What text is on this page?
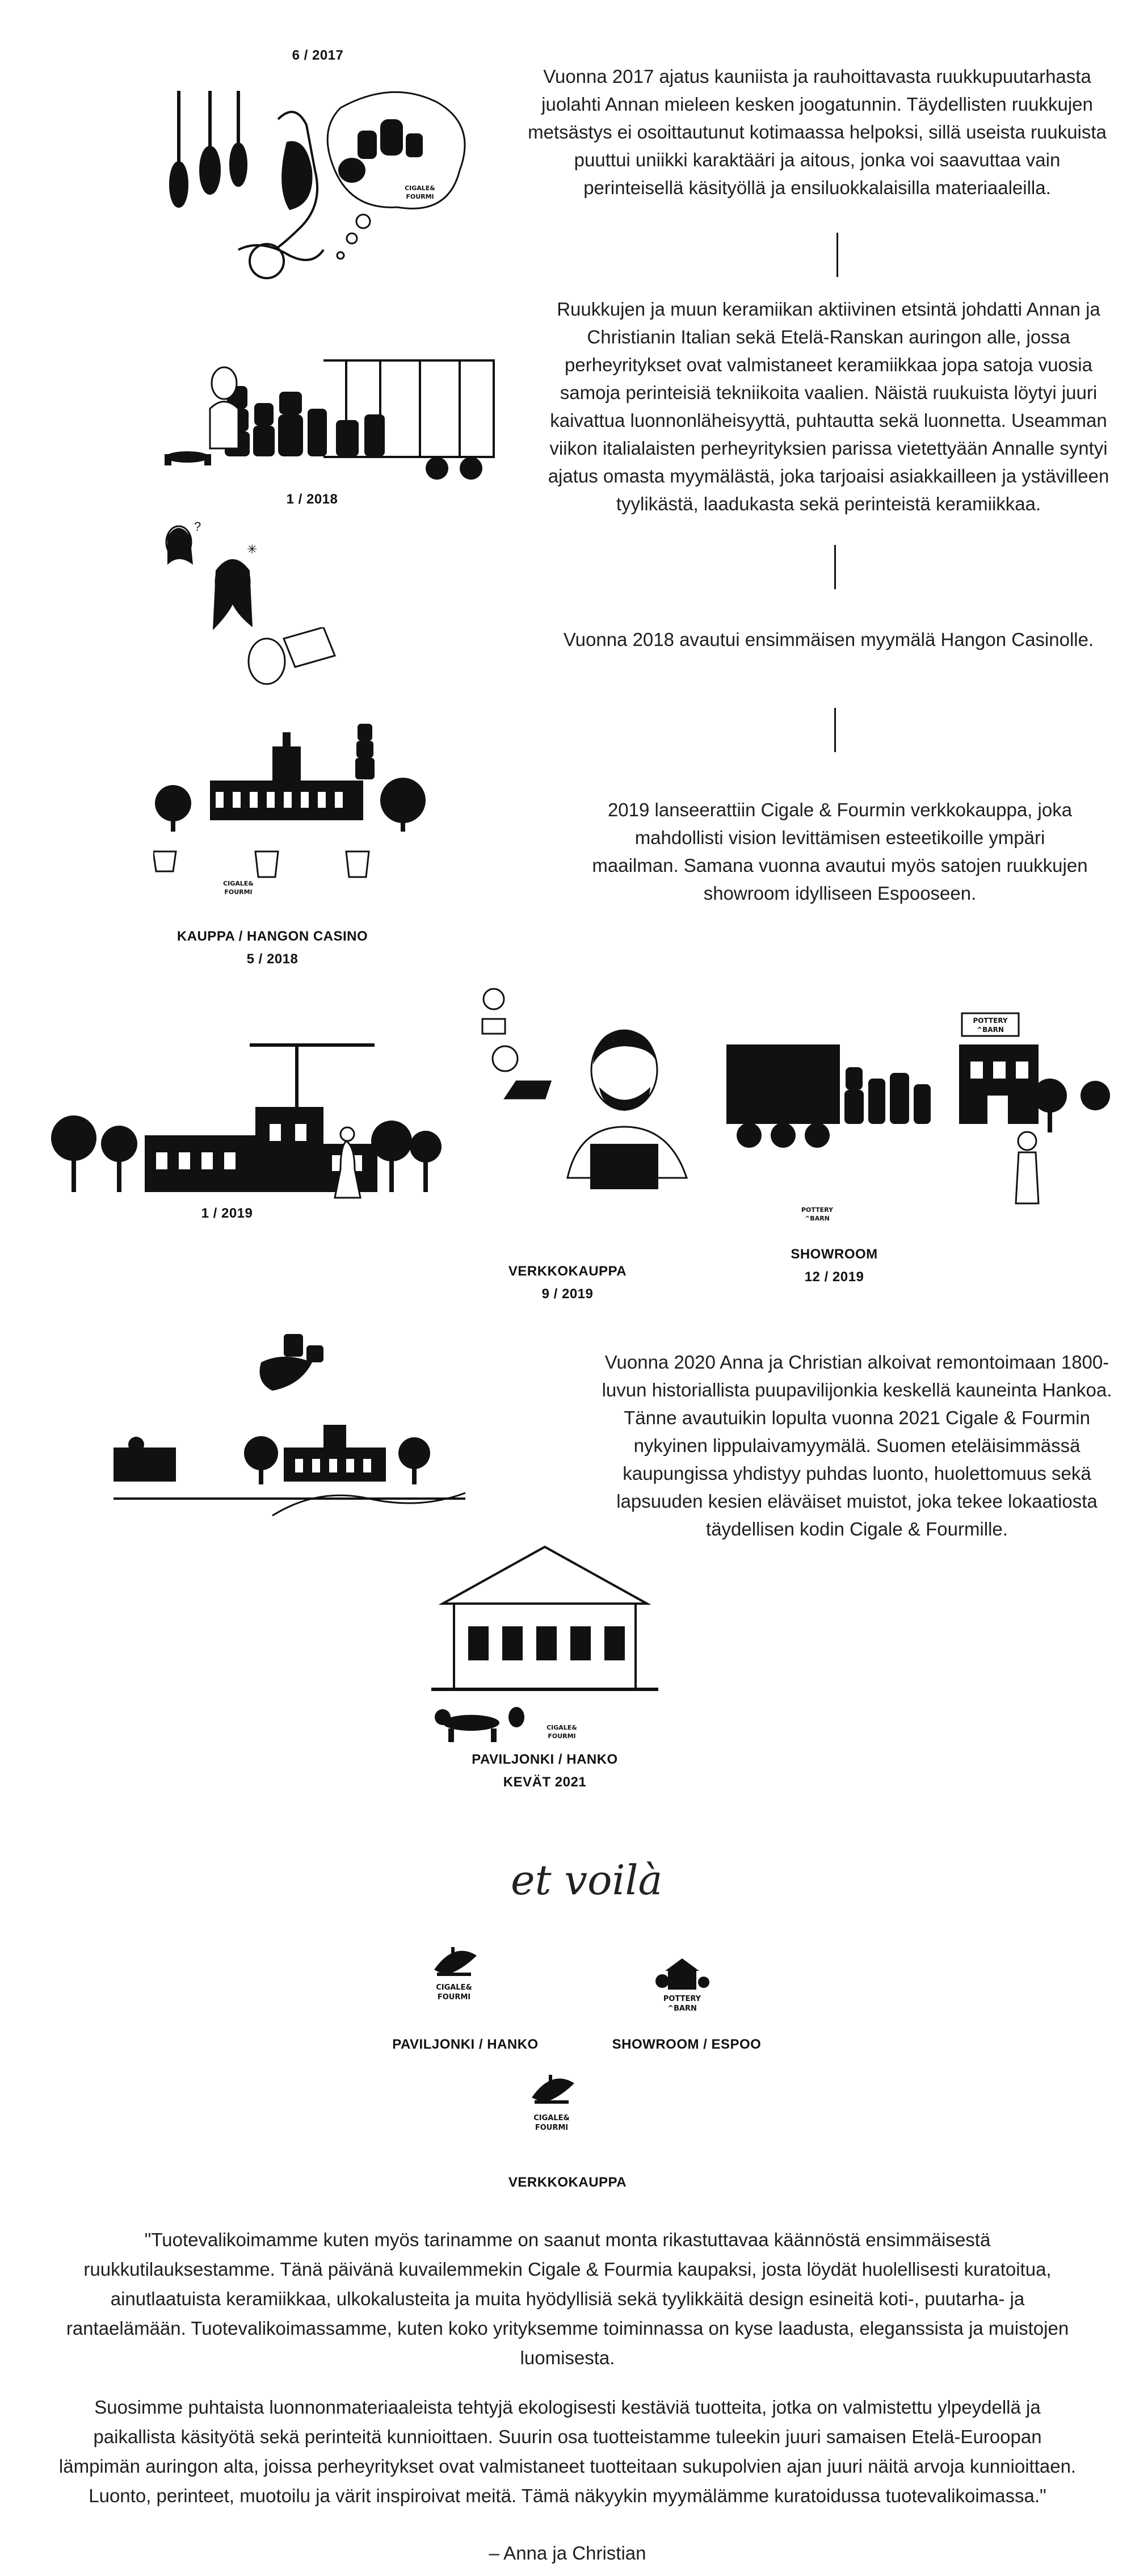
6 / 2017
CIGALE&
FOURMI
Vuonna 2017 ajatus kauniista ja rauhoittavasta ruukkupuutarhasta juolahti Annan mieleen kesken joogatunnin. Täydellisten ruukkujen metsästys ei osoittautunut kotimaassa helpoksi, sillä useista ruukuista puuttui uniikki karaktääri ja aitous, jonka voi saavuttaa vain perinteisellä käsityöllä ja ensiluokkalaisilla materiaaleilla.
1 / 2018
Ruukkujen ja muun keramiikan aktiivinen etsintä johdatti Annan ja Christianin Italian sekä Etelä-Ranskan auringon alle, jossa perheyritykset ovat valmistaneet keramiikkaa jopa satoja vuosia samoja perinteisiä tekniikoita vaalien. Näistä ruukuista löytyi juuri kaivattua luonnonläheisyyttä, puhtautta sekä luonnetta. Useamman viikon italialaisten perheyrityksien parissa vietettyään Annalle syntyi ajatus omasta myymälästä, joka tarjoaisi asiakkailleen ja ystävilleen tyylikästä, laadukasta sekä perinteistä keramiikkaa.
?
✳
Vuonna 2018 avautui ensimmäisen myymälä Hangon Casinolle.
CIGALE&
FOURMI
KAUPPA / HANGON CASINO
5 / 2018
2019 lanseerattiin Cigale & Fourmin verkkokauppa, joka mahdollisti vision levittämisen esteetikoille ympäri maailman. Samana vuonna avautui myös satojen ruukkujen showroom idylliseen Espooseen.
1 / 2019
VERKKOKAUPPA
9 / 2019
POTTERY
^BARN
POTTERY
^BARN
SHOWROOM
12 / 2019
Vuonna 2020 Anna ja Christian alkoivat remontoimaan 1800-luvun historiallista puupavilijonkia keskellä kauneinta Hankoa. Tänne avautuikin lopulta vuonna 2021 Cigale & Fourmin nykyinen lippulaivamyymälä. Suomen eteläisimmässä kaupungissa yhdistyy puhdas luonto, huolettomuus sekä lapsuuden kesien eläväiset muistot, joka tekee lokaatiosta täydellisen kodin Cigale & Fourmille.
CIGALE&
FOURMI
PAVILJONKI / HANKO
KEVÄT 2021
et voilà
CIGALE&
FOURMI
PAVILJONKI / HANKO
POTTERY
^BARN
SHOWROOM / ESPOO
CIGALE&
FOURMI
VERKKOKAUPPA
"Tuotevalikoimamme kuten myös tarinamme on saanut monta rikastuttavaa käännöstä ensimmäisestä ruukkutilauksestamme. Tänä päivänä kuvailemmekin Cigale & Fourmia kaupaksi, josta löydät huolellisesti kuratoitua, ainutlaatuista keramiikkaa, ulkokalusteita ja muita hyödyllisiä sekä tyylikkäitä design esineitä koti-, puutarha- ja rantaelämään. Tuotevalikoimassamme, kuten koko yrityksemme toiminnassa on kyse laadusta, eleganssista ja muistojen luomisesta.
Suosimme puhtaista luonnonmateriaaleista tehtyjä ekologisesti kestäviä tuotteita, jotka on valmistettu ylpeydellä ja paikallista käsityötä sekä perinteitä kunnioittaen. Suurin osa tuotteistamme tuleekin juuri samaisen Etelä-Euroopan lämpimän auringon alta, joissa perheyritykset ovat valmistaneet tuotteitaan sukupolvien ajan juuri näitä arvoja kunnioittaen. Luonto, perinteet, muotoilu ja värit inspiroivat meitä. Tämä näkyykin myymälämme kuratoidussa tuotevalikoimassa."
– Anna ja Christian
